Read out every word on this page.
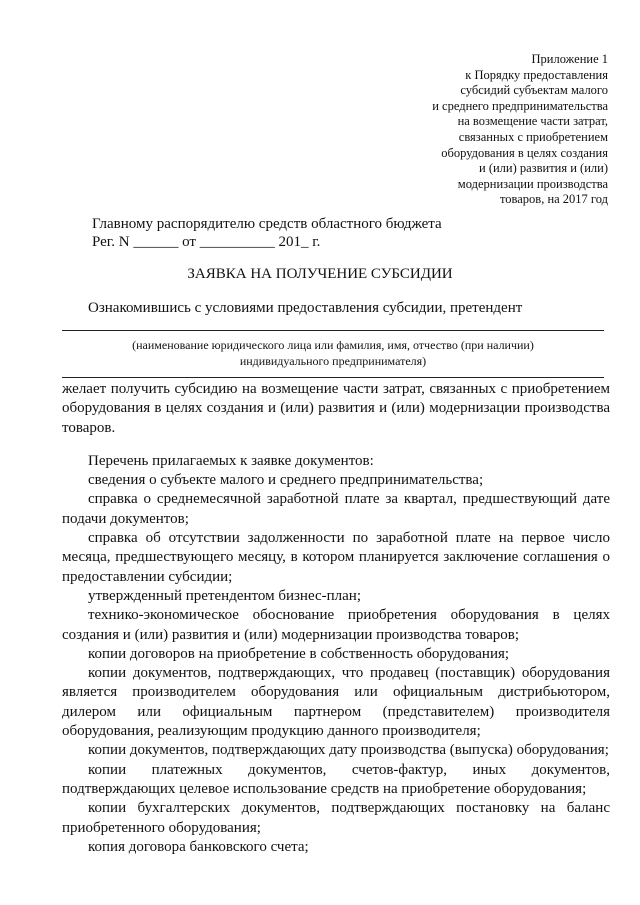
Приложение 1
к Порядку предоставления
субсидий субъектам малого
и среднего предпринимательства
на возмещение части затрат,
связанных с приобретением
оборудования в целях создания
и (или) развития и (или)
модернизации производства
товаров, на 2017 год
Главному распорядителю средств областного бюджета
Рег. N ______ от __________ 201_ г.
ЗАЯВКА НА ПОЛУЧЕНИЕ СУБСИДИИ
Ознакомившись с условиями предоставления субсидии, претендент
(наименование юридического лица или фамилия, имя, отчество (при наличии)
индивидуального предпринимателя)

желает получить субсидию на возмещение части затрат, связанных с приобретением оборудования в целях создания и (или) развития и (или) модернизации производства товаров.

Перечень прилагаемых к заявке документов:

сведения о субъекте малого и среднего предпринимательства;

справка о среднемесячной заработной плате за квартал, предшествующий дате подачи документов;

справка об отсутствии задолженности по заработной плате на первое число месяца, предшествующего месяцу, в котором планируется заключение соглашения о предоставлении субсидии;

утвержденный претендентом бизнес-план;

технико-экономическое обоснование приобретения оборудования в целях создания и (или) развития и (или) модернизации производства товаров;

копии договоров на приобретение в собственность оборудования;

копии документов, подтверждающих, что продавец (поставщик) оборудования является производителем оборудования или официальным дистрибьютором, дилером или официальным партнером (представителем) производителя оборудования, реализующим продукцию данного производителя;

копии документов, подтверждающих дату производства (выпуска) оборудования;

копии платежных документов, счетов-фактур, иных документов, подтверждающих целевое использование средств на приобретение оборудования;

копии бухгалтерских документов, подтверждающих постановку на баланс приобретенного оборудования;

копия договора банковского счета;
